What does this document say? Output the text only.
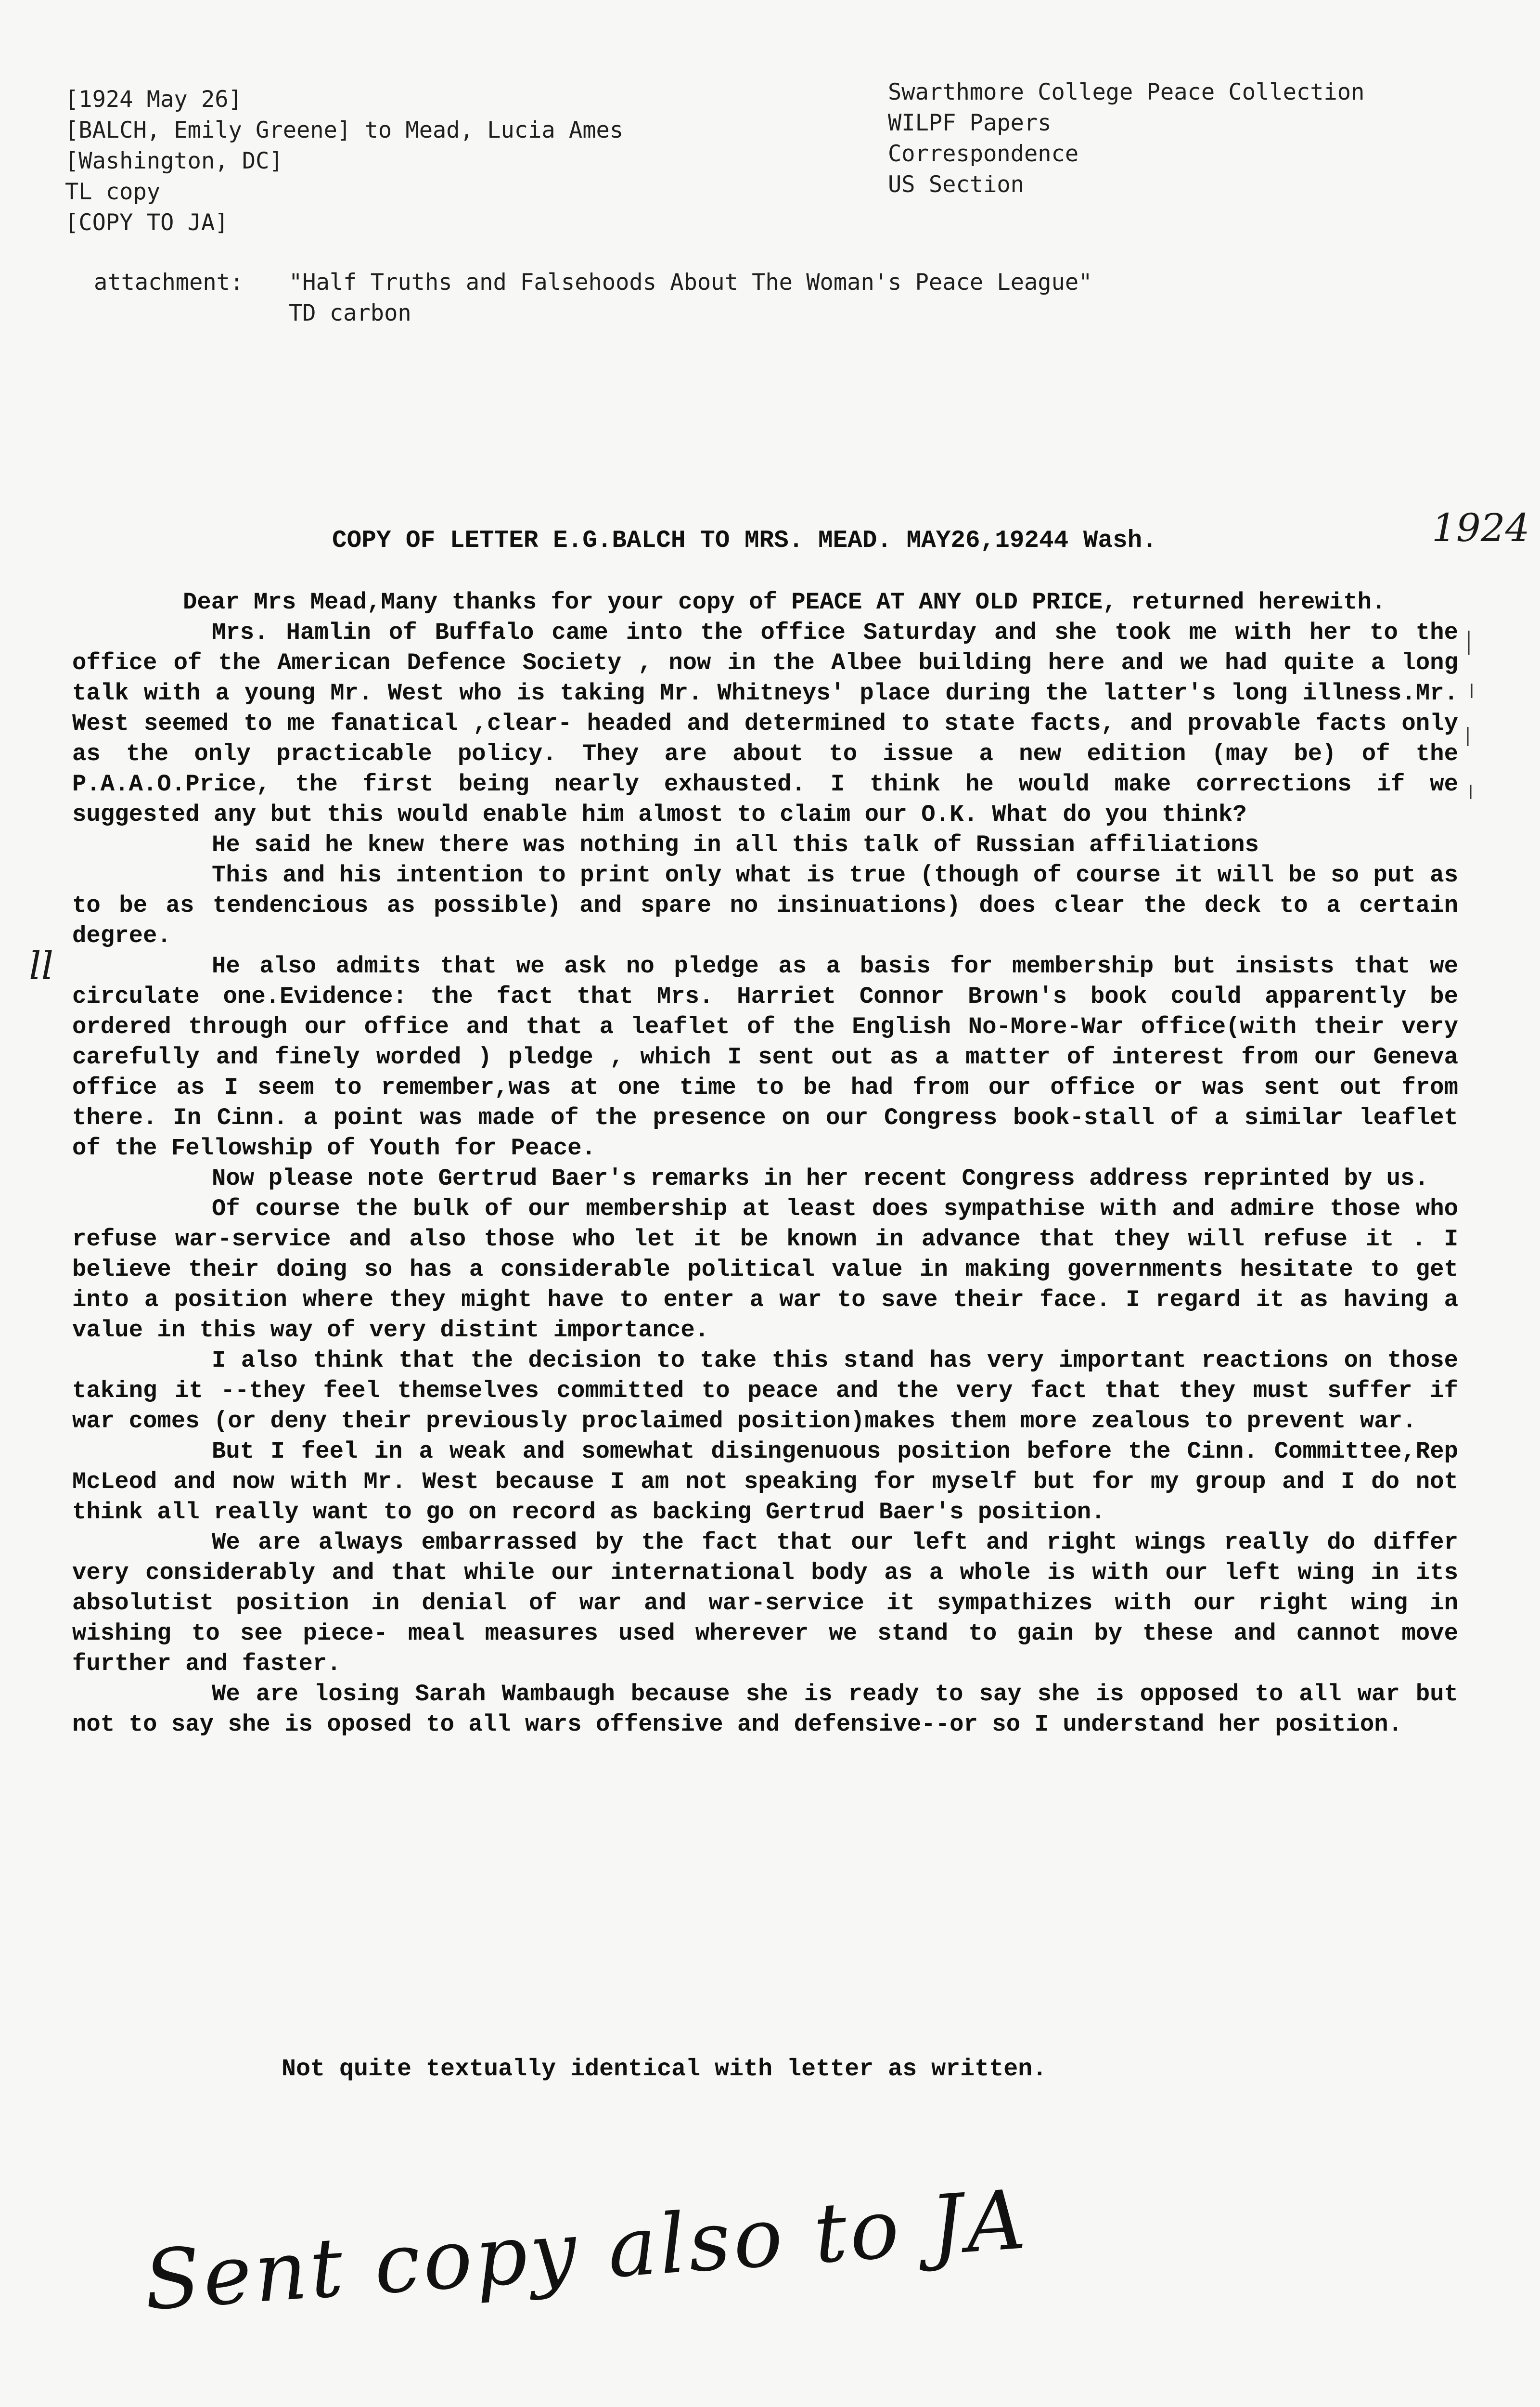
[1924 May 26]
[BALCH, Emily Greene] to Mead, Lucia Ames
[Washington, DC]
TL copy
[COPY TO JA]
Swarthmore College Peace Collection
WILPF Papers
Correspondence
US Section
attachment:	"Half Truths and Falsehoods About The Woman's Peace League"
TD carbon
COPY OF LETTER E.G.BALCH TO MRS. MEAD. MAY26,19244 Wash.	1924
ll

Dear Mrs Mead,Many thanks for your copy of PEACE AT ANY OLD PRICE, returned herewith.

Mrs. Hamlin of Buffalo came into the office Saturday and she took me with her to the office of the American Defence Society , now in the Albee building here and we had quite a long talk with a young Mr. West who is taking Mr. Whitneys' place during the latter's long illness.Mr. West seemed to me fanatical ,clear- headed and determined to state facts, and provable facts only as the only practicable policy. They are about to issue a new edition (may be) of the P.A.A.O.Price, the first being nearly exhausted. I think he would make corrections if we suggested any but this would enable him almost to claim our O.K. What do you think?

He said he knew there was nothing in all this talk of Russian affiliations

This and his intention to print only what is true (though of course it will be so put as to be as tendencious as possible) and spare no insinuations) does clear the deck to a certain degree.

He also admits that we ask no pledge as a basis for membership but insists that we circulate one.Evidence: the fact that Mrs. Harriet Connor Brown's book could apparently be ordered through our office and that a leaflet of the English No-More-War office(with their very carefully and finely worded ) pledge , which I sent out as a matter of interest from our Geneva office as I seem to remember,was at one time to be had from our office or was sent out from there. In Cinn. a point was made of the presence on our Congress book-stall of a similar leaflet of the Fellowship of Youth for Peace.

Now please note Gertrud Baer's remarks in her recent Congress address reprinted by us.

Of course the bulk of our membership at least does sympathise with and admire those who refuse war-service and also those who let it be known in advance that they will refuse it . I believe their doing so has a considerable political value in making governments hesitate to get into a position where they might have to enter a war to save their face. I regard it as having a value in this way of very distint importance.

I also think that the decision to take this stand has very important reactions on those taking it --they feel themselves committed to peace and the very fact that they must suffer if war comes (or deny their previously proclaimed position)makes them more zealous to prevent war.

But I feel in a weak and somewhat disingenuous position before the Cinn. Committee,Rep McLeod and now with Mr. West because I am not speaking for myself but for my group and I do not think all really want to go on record as backing Gertrud Baer's position.

We are always embarrassed by the fact that our left and right wings really do differ very considerably and that while our international body as a whole is with our left wing in its absolutist position in denial of war and war-service it sympathizes with our right wing in wishing to see piece- meal measures used wherever we stand to gain by these and cannot move further and faster.

We are losing Sarah Wambaugh because she is ready to say she is opposed to all war but not to say she is oposed to all wars offensive and defensive--or so I understand her position.

Not quite textually identical with letter as written.
Sent copy also to JA
